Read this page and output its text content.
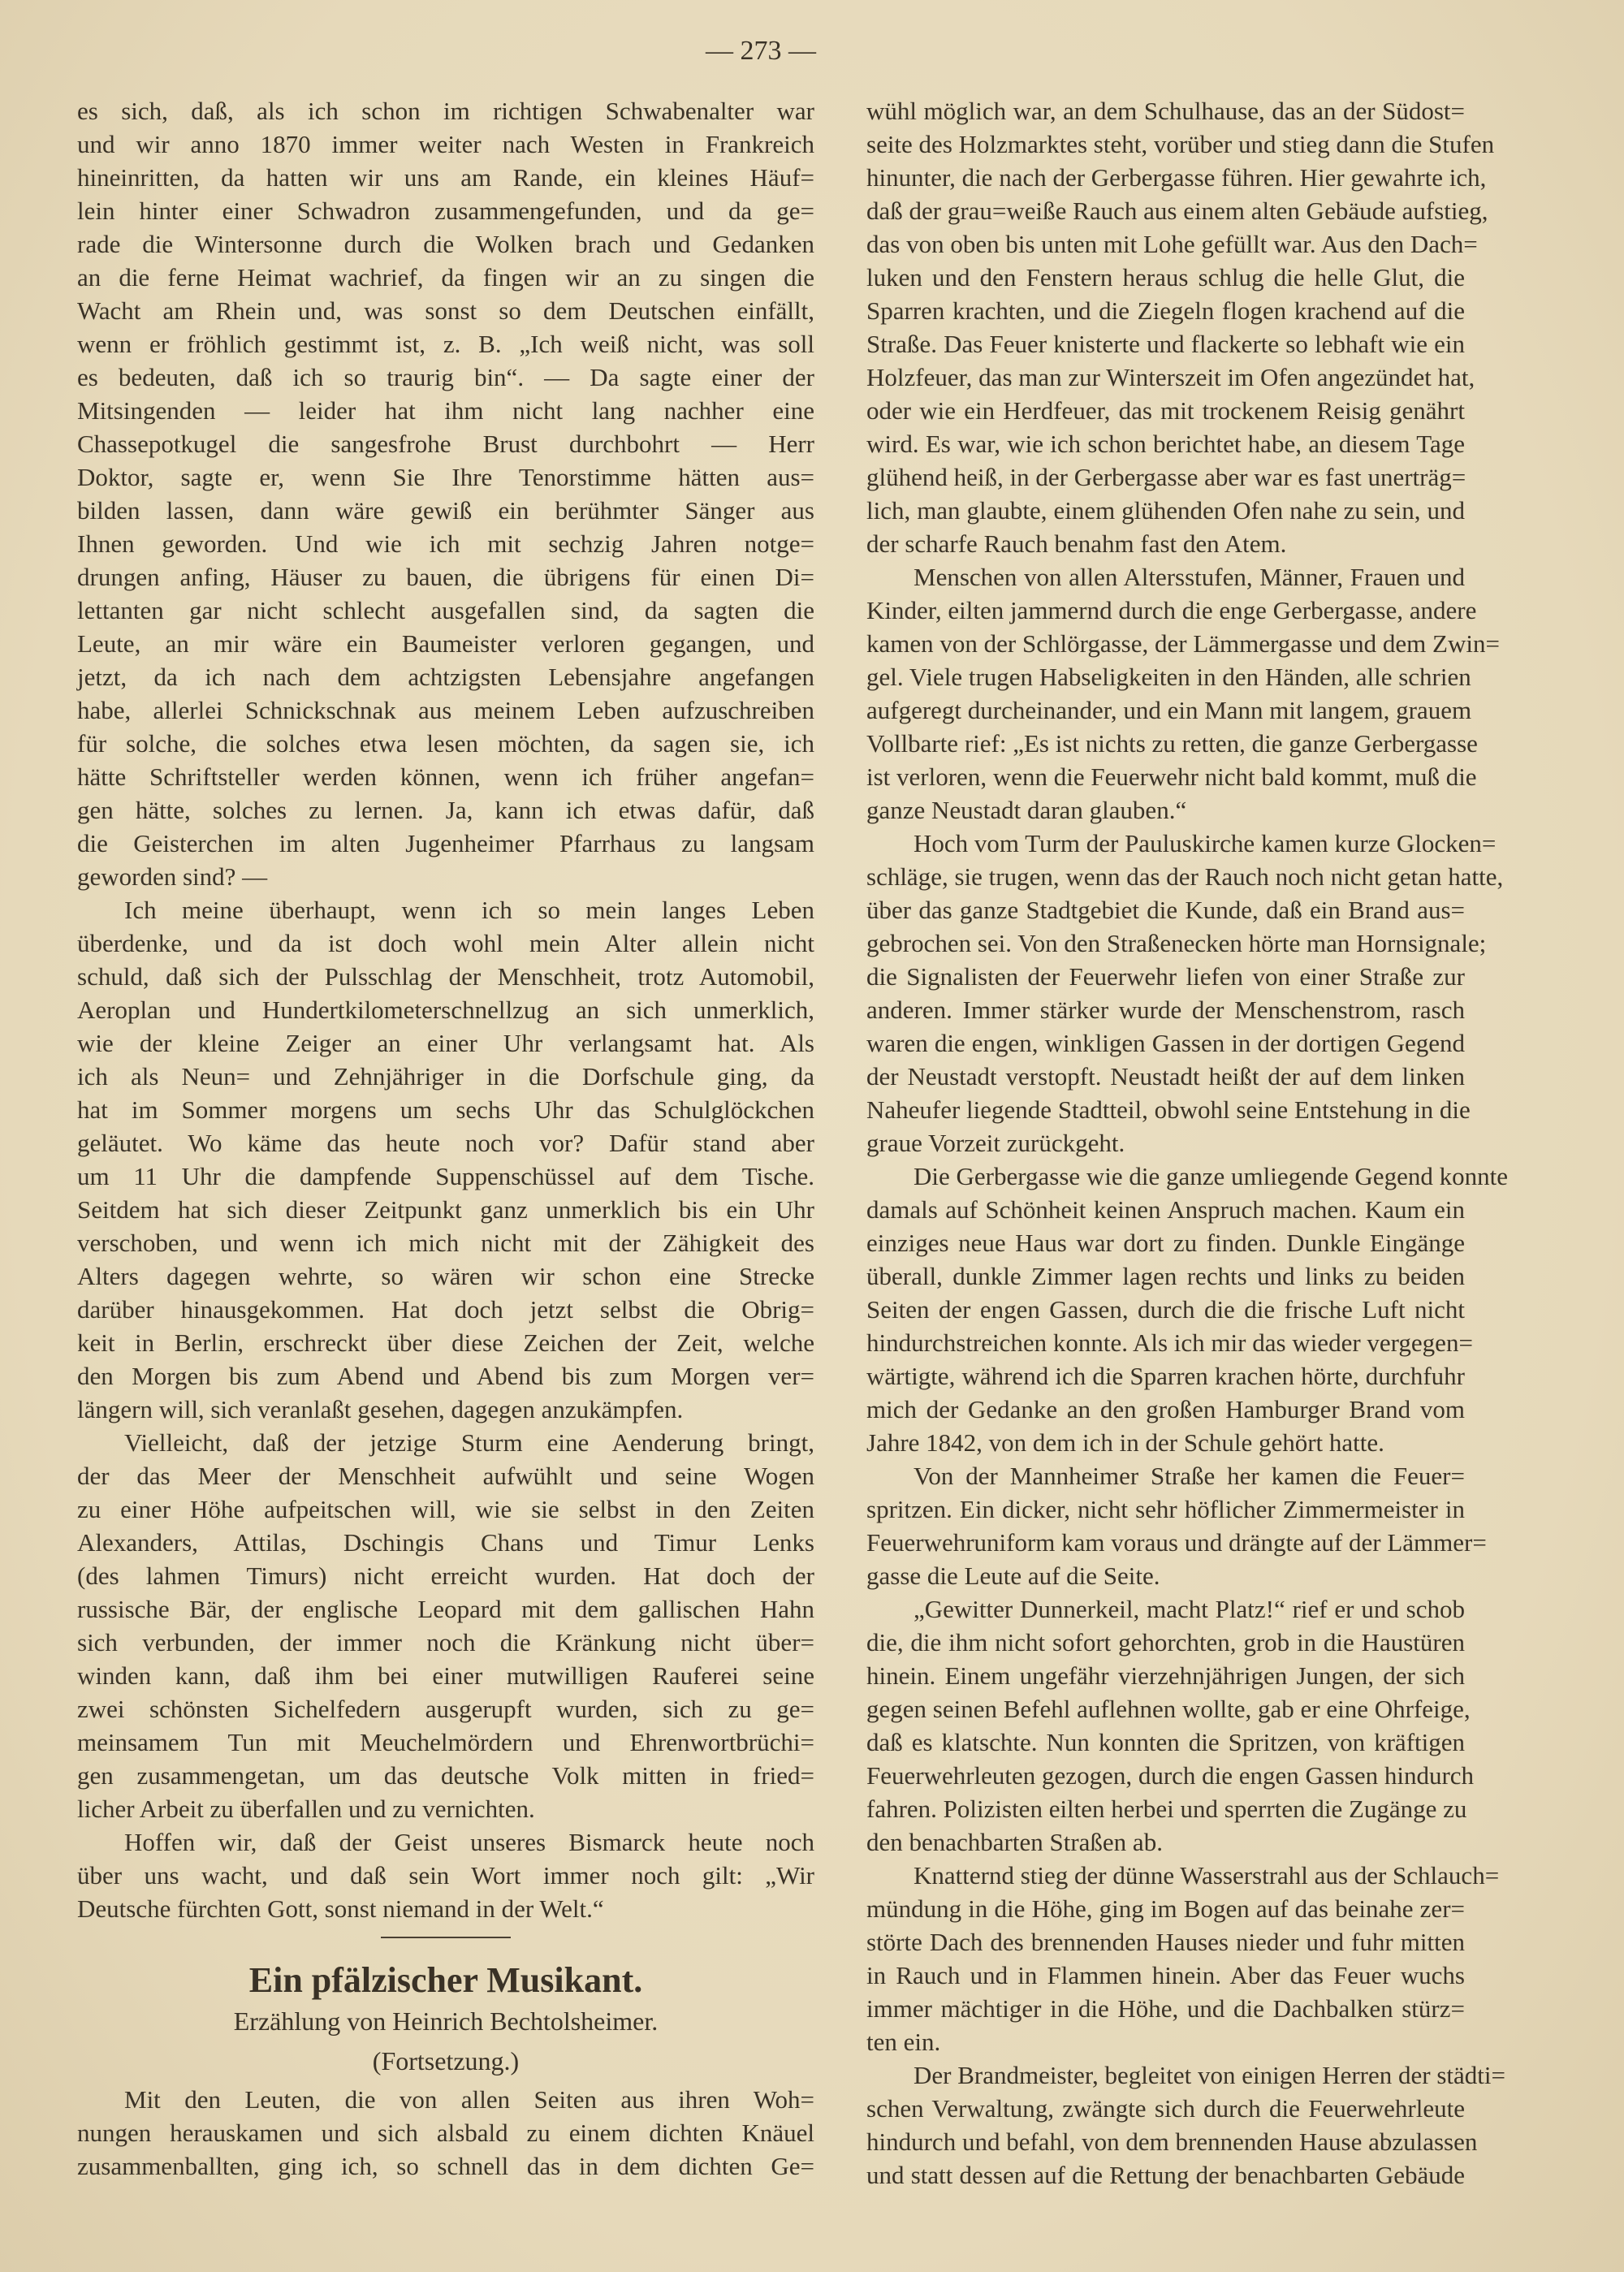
— 273 —
es sich, daß, als ich schon im richtigen Schwabenalter war
und wir anno 1870 immer weiter nach Westen in Frankreich
hineinritten, da hatten wir uns am Rande, ein kleines Häuf=
lein hinter einer Schwadron zusammengefunden, und da ge=
rade die Wintersonne durch die Wolken brach und Gedanken
an die ferne Heimat wachrief, da fingen wir an zu singen die
Wacht am Rhein und, was sonst so dem Deutschen einfällt,
wenn er fröhlich gestimmt ist, z. B. „Ich weiß nicht, was soll
es bedeuten, daß ich so traurig bin“. — Da sagte einer der
Mitsingenden — leider hat ihm nicht lang nachher eine
Chassepotkugel die sangesfrohe Brust durchbohrt — Herr
Doktor, sagte er, wenn Sie Ihre Tenorstimme hätten aus=
bilden lassen, dann wäre gewiß ein berühmter Sänger aus
Ihnen geworden. Und wie ich mit sechzig Jahren notge=
drungen anfing, Häuser zu bauen, die übrigens für einen Di=
lettanten gar nicht schlecht ausgefallen sind, da sagten die
Leute, an mir wäre ein Baumeister verloren gegangen, und
jetzt, da ich nach dem achtzigsten Lebensjahre angefangen
habe, allerlei Schnickschnak aus meinem Leben aufzuschreiben
für solche, die solches etwa lesen möchten, da sagen sie, ich
hätte Schriftsteller werden können, wenn ich früher angefan=
gen hätte, solches zu lernen. Ja, kann ich etwas dafür, daß
die Geisterchen im alten Jugenheimer Pfarrhaus zu langsam
geworden sind? —
Ich meine überhaupt, wenn ich so mein langes Leben
überdenke, und da ist doch wohl mein Alter allein nicht
schuld, daß sich der Pulsschlag der Menschheit, trotz Automobil,
Aeroplan und Hundertkilometerschnellzug an sich unmerklich,
wie der kleine Zeiger an einer Uhr verlangsamt hat. Als
ich als Neun= und Zehnjähriger in die Dorfschule ging, da
hat im Sommer morgens um sechs Uhr das Schulglöckchen
geläutet. Wo käme das heute noch vor? Dafür stand aber
um 11 Uhr die dampfende Suppenschüssel auf dem Tische.
Seitdem hat sich dieser Zeitpunkt ganz unmerklich bis ein Uhr
verschoben, und wenn ich mich nicht mit der Zähigkeit des
Alters dagegen wehrte, so wären wir schon eine Strecke
darüber hinausgekommen. Hat doch jetzt selbst die Obrig=
keit in Berlin, erschreckt über diese Zeichen der Zeit, welche
den Morgen bis zum Abend und Abend bis zum Morgen ver=
längern will, sich veranlaßt gesehen, dagegen anzukämpfen.
Vielleicht, daß der jetzige Sturm eine Aenderung bringt,
der das Meer der Menschheit aufwühlt und seine Wogen
zu einer Höhe aufpeitschen will, wie sie selbst in den Zeiten
Alexanders, Attilas, Dschingis Chans und Timur Lenks
(des lahmen Timurs) nicht erreicht wurden. Hat doch der
russische Bär, der englische Leopard mit dem gallischen Hahn
sich verbunden, der immer noch die Kränkung nicht über=
winden kann, daß ihm bei einer mutwilligen Rauferei seine
zwei schönsten Sichelfedern ausgerupft wurden, sich zu ge=
meinsamem Tun mit Meuchelmördern und Ehrenwortbrüchi=
gen zusammengetan, um das deutsche Volk mitten in fried=
licher Arbeit zu überfallen und zu vernichten.
Hoffen wir, daß der Geist unseres Bismarck heute noch
über uns wacht, und daß sein Wort immer noch gilt: „Wir
Deutsche fürchten Gott, sonst niemand in der Welt.“
Ein pfälzischer Musikant.
Erzählung von Heinrich Bechtolsheimer.
(Fortsetzung.)
Mit den Leuten, die von allen Seiten aus ihren Woh=
nungen herauskamen und sich alsbald zu einem dichten Knäuel
zusammenballten, ging ich, so schnell das in dem dichten Ge=
wühl möglich war, an dem Schulhause, das an der Südost=
seite des Holzmarktes steht, vorüber und stieg dann die Stufen
hinunter, die nach der Gerbergasse führen. Hier gewahrte ich,
daß der grau=weiße Rauch aus einem alten Gebäude aufstieg,
das von oben bis unten mit Lohe gefüllt war. Aus den Dach=
luken und den Fenstern heraus schlug die helle Glut, die
Sparren krachten, und die Ziegeln flogen krachend auf die
Straße. Das Feuer knisterte und flackerte so lebhaft wie ein
Holzfeuer, das man zur Winterszeit im Ofen angezündet hat,
oder wie ein Herdfeuer, das mit trockenem Reisig genährt
wird. Es war, wie ich schon berichtet habe, an diesem Tage
glühend heiß, in der Gerbergasse aber war es fast unerträg=
lich, man glaubte, einem glühenden Ofen nahe zu sein, und
der scharfe Rauch benahm fast den Atem.
Menschen von allen Altersstufen, Männer, Frauen und
Kinder, eilten jammernd durch die enge Gerbergasse, andere
kamen von der Schlörgasse, der Lämmergasse und dem Zwin=
gel. Viele trugen Habseligkeiten in den Händen, alle schrien
aufgeregt durcheinander, und ein Mann mit langem, grauem
Vollbarte rief: „Es ist nichts zu retten, die ganze Gerbergasse
ist verloren, wenn die Feuerwehr nicht bald kommt, muß die
ganze Neustadt daran glauben.“
Hoch vom Turm der Pauluskirche kamen kurze Glocken=
schläge, sie trugen, wenn das der Rauch noch nicht getan hatte,
über das ganze Stadtgebiet die Kunde, daß ein Brand aus=
gebrochen sei. Von den Straßenecken hörte man Hornsignale;
die Signalisten der Feuerwehr liefen von einer Straße zur
anderen. Immer stärker wurde der Menschenstrom, rasch
waren die engen, winkligen Gassen in der dortigen Gegend
der Neustadt verstopft. Neustadt heißt der auf dem linken
Naheufer liegende Stadtteil, obwohl seine Entstehung in die
graue Vorzeit zurückgeht.
Die Gerbergasse wie die ganze umliegende Gegend konnte
damals auf Schönheit keinen Anspruch machen. Kaum ein
einziges neue Haus war dort zu finden. Dunkle Eingänge
überall, dunkle Zimmer lagen rechts und links zu beiden
Seiten der engen Gassen, durch die die frische Luft nicht
hindurchstreichen konnte. Als ich mir das wieder vergegen=
wärtigte, während ich die Sparren krachen hörte, durchfuhr
mich der Gedanke an den großen Hamburger Brand vom
Jahre 1842, von dem ich in der Schule gehört hatte.
Von der Mannheimer Straße her kamen die Feuer=
spritzen. Ein dicker, nicht sehr höflicher Zimmermeister in
Feuerwehruniform kam voraus und drängte auf der Lämmer=
gasse die Leute auf die Seite.
„Gewitter Dunnerkeil, macht Platz!“ rief er und schob
die, die ihm nicht sofort gehorchten, grob in die Haustüren
hinein. Einem ungefähr vierzehnjährigen Jungen, der sich
gegen seinen Befehl auflehnen wollte, gab er eine Ohrfeige,
daß es klatschte. Nun konnten die Spritzen, von kräftigen
Feuerwehrleuten gezogen, durch die engen Gassen hindurch
fahren. Polizisten eilten herbei und sperrten die Zugänge zu
den benachbarten Straßen ab.
Knatternd stieg der dünne Wasserstrahl aus der Schlauch=
mündung in die Höhe, ging im Bogen auf das beinahe zer=
störte Dach des brennenden Hauses nieder und fuhr mitten
in Rauch und in Flammen hinein. Aber das Feuer wuchs
immer mächtiger in die Höhe, und die Dachbalken stürz=
ten ein.
Der Brandmeister, begleitet von einigen Herren der städti=
schen Verwaltung, zwängte sich durch die Feuerwehrleute
hindurch und befahl, von dem brennenden Hause abzulassen
und statt dessen auf die Rettung der benachbarten Gebäude
